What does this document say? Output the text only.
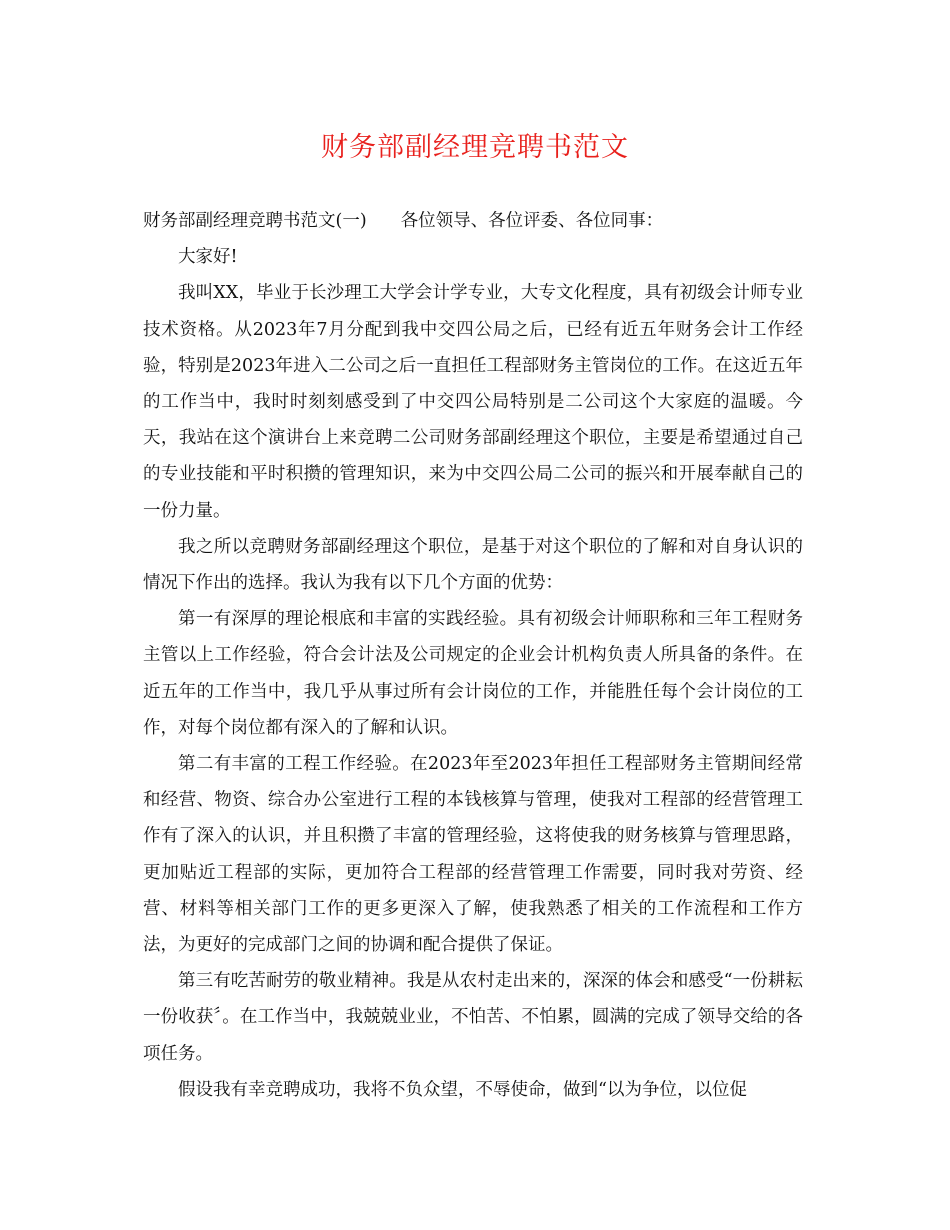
财务部副经理竞聘书范文

财务部副经理竞聘书范文(一) 各位领导、各位评委、各位同事：

大家好!

我叫XX，毕业于长沙理工大学会计学专业，大专文化程度，具有初级会计师专业技术资格。从2023年7月分配到我中交四公局之后，已经有近五年财务会计工作经验，特别是2023年进入二公司之后一直担任工程部财务主管岗位的工作。在这近五年的工作当中，我时时刻刻感受到了中交四公局特别是二公司这个大家庭的温暖。今天，我站在这个演讲台上来竞聘二公司财务部副经理这个职位，主要是希望通过自己的专业技能和平时积攒的管理知识，来为中交四公局二公司的振兴和开展奉献自己的一份力量。

我之所以竞聘财务部副经理这个职位，是基于对这个职位的了解和对自身认识的情况下作出的选择。我认为我有以下几个方面的优势：

第一有深厚的理论根底和丰富的实践经验。具有初级会计师职称和三年工程财务主管以上工作经验，符合会计法及公司规定的企业会计机构负责人所具备的条件。在近五年的工作当中，我几乎从事过所有会计岗位的工作，并能胜任每个会计岗位的工作，对每个岗位都有深入的了解和认识。

第二有丰富的工程工作经验。在2023年至2023年担任工程部财务主管期间经常和经营、物资、综合办公室进行工程的本钱核算与管理，使我对工程部的经营管理工作有了深入的认识，并且积攒了丰富的管理经验，这将使我的财务核算与管理思路，更加贴近工程部的实际，更加符合工程部的经营管理工作需要，同时我对劳资、经营、材料等相关部门工作的更多更深入了解，使我熟悉了相关的工作流程和工作方法，为更好的完成部门之间的协调和配合提供了保证。

第三有吃苦耐劳的敬业精神。我是从农村走出来的，深深的体会和感受“一份耕耘一份收获〞。在工作当中，我兢兢业业，不怕苦、不怕累，圆满的完成了领导交给的各项任务。

假设我有幸竞聘成功，我将不负众望，不辱使命，做到“以为争位，以位促
